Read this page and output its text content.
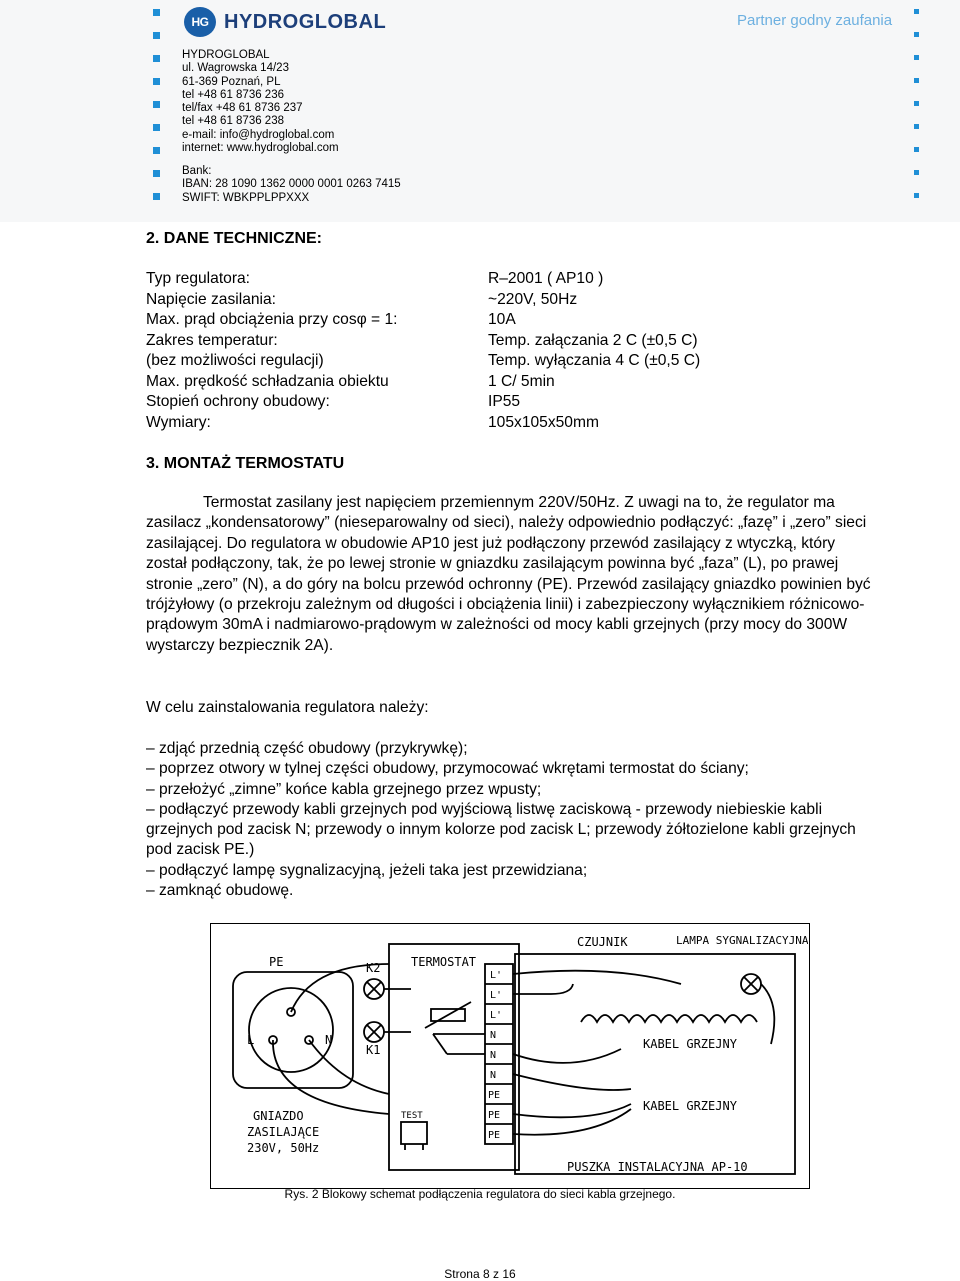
HG HYDROGLOBAL	Partner godny zaufania
HYDROGLOBAL
ul. Wagrowska 14/23
61-369 Poznań, PL
tel +48 61 8736 236
tel/fax +48 61 8736 237
tel +48 61 8736 238
e-mail: info@hydroglobal.com
internet: www.hydroglobal.com
Bank:
IBAN: 28 1090 1362 0000 0001 0263 7415
SWIFT: WBKPPLPPXXX
2. DANE TECHNICZNE:
Typ regulatora:	R–2001 ( AP10 )
Napięcie zasilania:	~220V, 50Hz
Max. prąd obciążenia przy cosφ = 1:	10A
Zakres temperatur:	Temp. załączania 2 C (±0,5 C)
(bez możliwości regulacji)	Temp. wyłączania 4 C (±0,5 C)
Max. prędkość schładzania obiektu	1 C/ 5min
Stopień ochrony obudowy:	IP55
Wymiary:	105x105x50mm
3. MONTAŻ TERMOSTATU
Termostat zasilany jest napięciem przemiennym 220V/50Hz. Z uwagi na to, że regulator ma zasilacz „kondensatorowy” (nieseparowalny od sieci), należy odpowiednio podłączyć: „fazę” i „zero” sieci zasilającej. Do regulatora w obudowie AP10 jest już podłączony przewód zasilający z wtyczką, który został podłączony, tak, że po lewej stronie w gniazdku zasilającym powinna być „faza” (L), po prawej stronie „zero” (N), a do góry na bolcu przewód ochronny (PE). Przewód zasilający gniazdko powinien być trójżyłowy (o przekroju zależnym od długości i obciążenia linii) i zabezpieczony wyłącznikiem różnicowo-prądowym 30mA i nadmiarowo-prądowym w zależności od mocy kabli grzejnych (przy mocy do 300W wystarczy bezpiecznik 2A).
W celu zainstalowania regulatora należy:
– zdjąć przednią część obudowy (przykrywkę);
– poprzez otwory w tylnej części obudowy, przymocować wkrętami termostat do ściany;
– przełożyć „zimne” końce kabla grzejnego przez wpusty;
– podłączyć przewody kabli grzejnych pod wyjściową listwę zaciskową - przewody niebieskie kabli grzejnych pod zacisk N; przewody o innym kolorze pod zacisk L; przewody żółtozielone kabli grzejnych pod zacisk PE.)
– podłączyć lampę sygnalizacyjną, jeżeli taka jest przewidziana;
– zamknąć obudowę.
PE
L	N
K2
K1
TERMOSTAT
CZUJNIK	LAMPA SYGNALIZACYJNA
KABEL GRZEJNY
KABEL GRZEJNY
GNIAZDO
ZASILAJĄCE
230V, 50Hz
TEST
PUSZKA INSTALACYJNA AP-10
L'
L'
L'
N
N
N
PE
PE
PE
Rys. 2 Blokowy schemat podłączenia regulatora do sieci kabla grzejnego.
Strona 8 z 16
